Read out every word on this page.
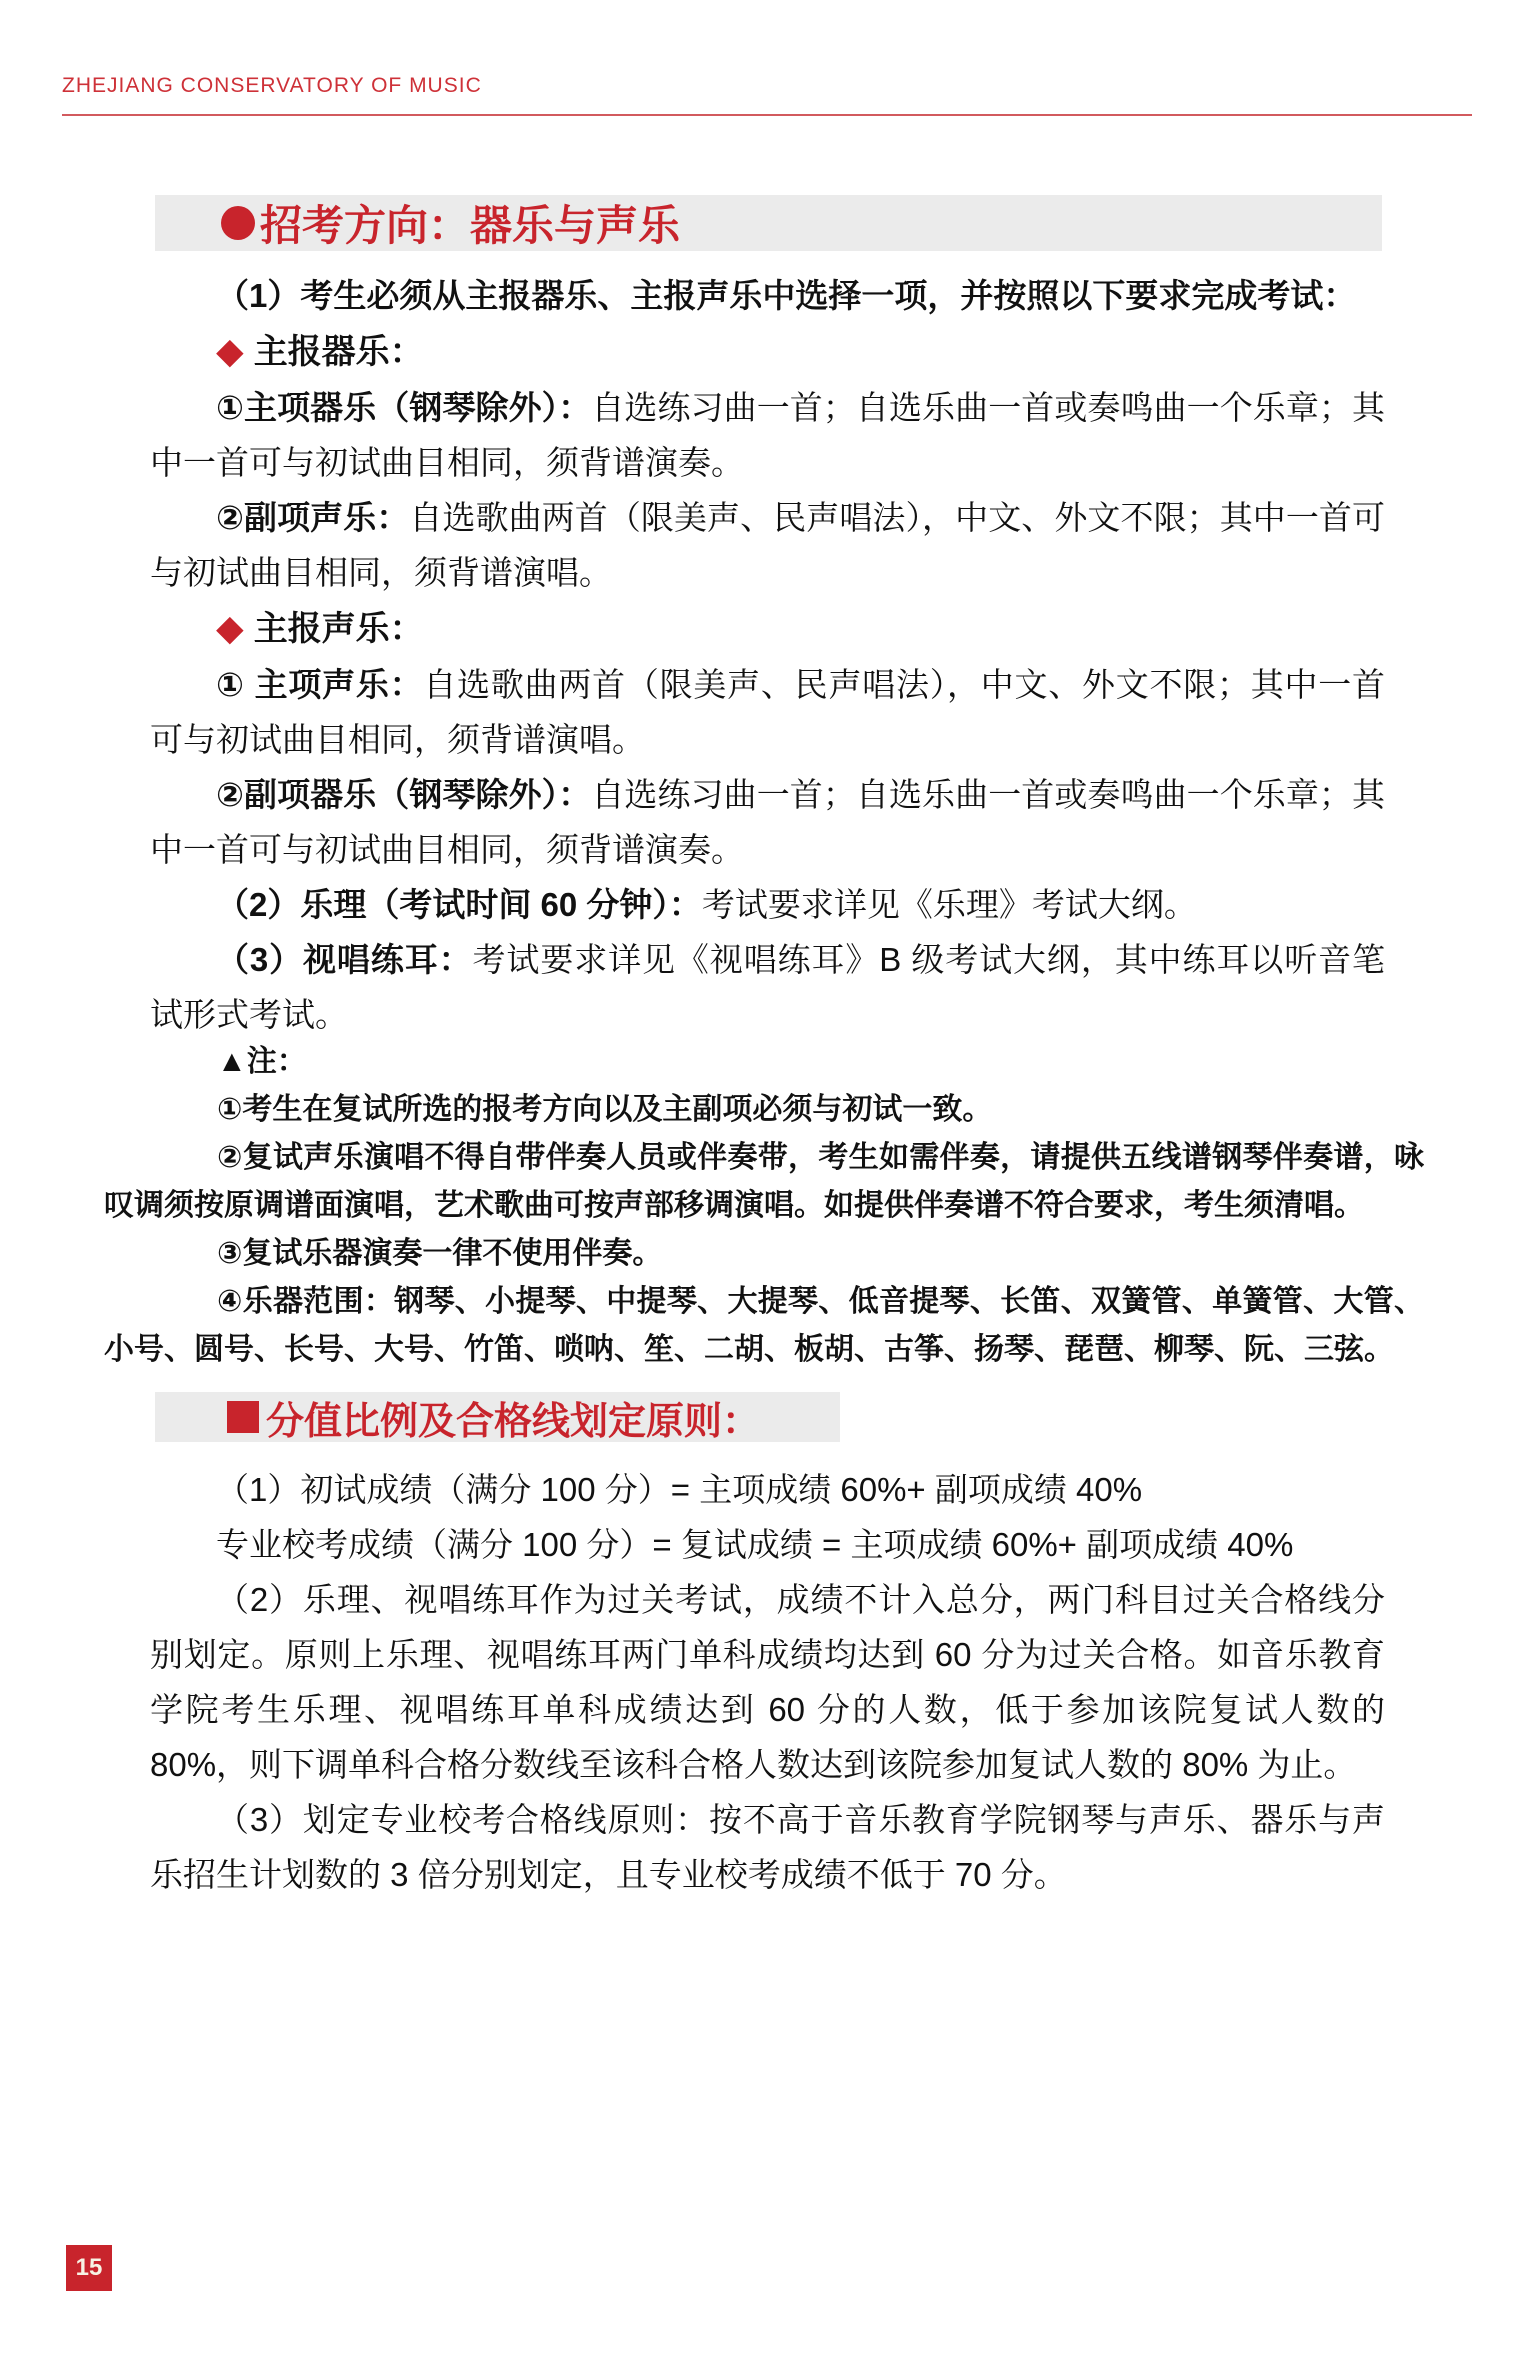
ZHEJIANG CONSERVATORY OF MUSIC
招考方向：器乐与声乐

（1）考生必须从主报器乐、主报声乐中选择一项，并按照以下要求完成考试：

◆ 主报器乐：

①主项器乐（钢琴除外）：自选练习曲一首；自选乐曲一首或奏鸣曲一个乐章；其中一首可与初试曲目相同，须背谱演奏。

②副项声乐：自选歌曲两首（限美声、民声唱法），中文、外文不限；其中一首可与初试曲目相同，须背谱演唱。

◆ 主报声乐：

① 主项声乐：自选歌曲两首（限美声、民声唱法），中文、外文不限；其中一首可与初试曲目相同，须背谱演唱。

②副项器乐（钢琴除外）：自选练习曲一首；自选乐曲一首或奏鸣曲一个乐章；其中一首可与初试曲目相同，须背谱演奏。

（2）乐理（考试时间 60 分钟）：考试要求详见《乐理》考试大纲。

（3）视唱练耳：考试要求详见《视唱练耳》B 级考试大纲，其中练耳以听音笔试形式考试。

▲注：

①考生在复试所选的报考方向以及主副项必须与初试一致。

②复试声乐演唱不得自带伴奏人员或伴奏带，考生如需伴奏，请提供五线谱钢琴伴奏谱，咏叹调须按原调谱面演唱，艺术歌曲可按声部移调演唱。如提供伴奏谱不符合要求，考生须清唱。

③复试乐器演奏一律不使用伴奏。

④乐器范围：钢琴、小提琴、中提琴、大提琴、低音提琴、长笛、双簧管、单簧管、大管、小号、圆号、长号、大号、竹笛、唢呐、笙、二胡、板胡、古筝、扬琴、琵琶、柳琴、阮、三弦。

分值比例及合格线划定原则：

（1）初试成绩（满分 100 分）= 主项成绩 60%+ 副项成绩 40%

专业校考成绩（满分 100 分）= 复试成绩 = 主项成绩 60%+ 副项成绩 40%

（2）乐理、视唱练耳作为过关考试，成绩不计入总分，两门科目过关合格线分别划定。原则上乐理、视唱练耳两门单科成绩均达到 60 分为过关合格。如音乐教育学院考生乐理、视唱练耳单科成绩达到 60 分的人数，低于参加该院复试人数的 80%，则下调单科合格分数线至该科合格人数达到该院参加复试人数的 80% 为止。

（3）划定专业校考合格线原则：按不高于音乐教育学院钢琴与声乐、器乐与声乐招生计划数的 3 倍分别划定，且专业校考成绩不低于 70 分。

15
